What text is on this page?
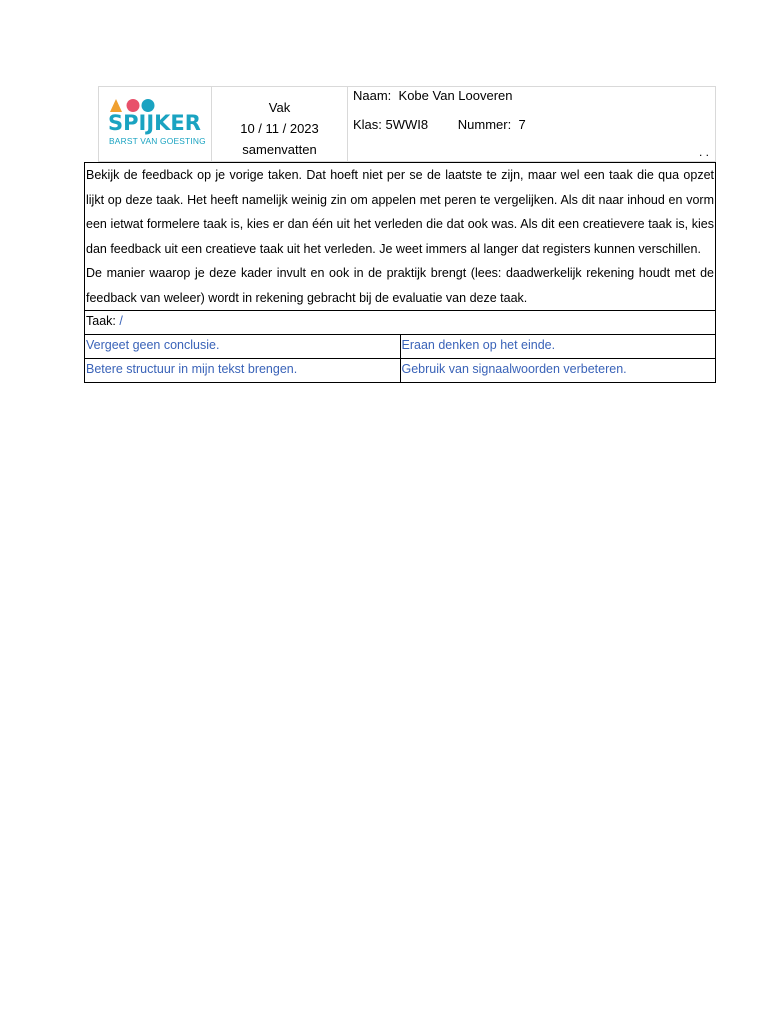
SPIJKER
BARST VAN GOESTING
Vak
10 / 11 / 2023
samenvatten
Naam: Kobe Van Looveren
Klas: 5WWI8 Nummer: 7
. .

Bekijk de feedback op je vorige taken. Dat hoeft niet per se de laatste te zijn, maar wel een taak die qua opzet lijkt op deze taak. Het heeft namelijk weinig zin om appelen met peren te vergelijken. Als dit naar inhoud en vorm een ietwat formelere taak is, kies er dan één uit het verleden die dat ook was. Als dit een creatievere taak is, kies dan feedback uit een creatieve taak uit het verleden. Je weet immers al langer dat registers kunnen verschillen.

De manier waarop je deze kader invult en ook in de praktijk brengt (lees: daadwerkelijk rekening houdt met de feedback van weleer) wordt in rekening gebracht bij de evaluatie van deze taak.	

Taak: /	
Vergeet geen conclusie.	Eraan denken op het einde.
Betere structuur in mijn tekst brengen.	Gebruik van signaalwoorden verbeteren.
